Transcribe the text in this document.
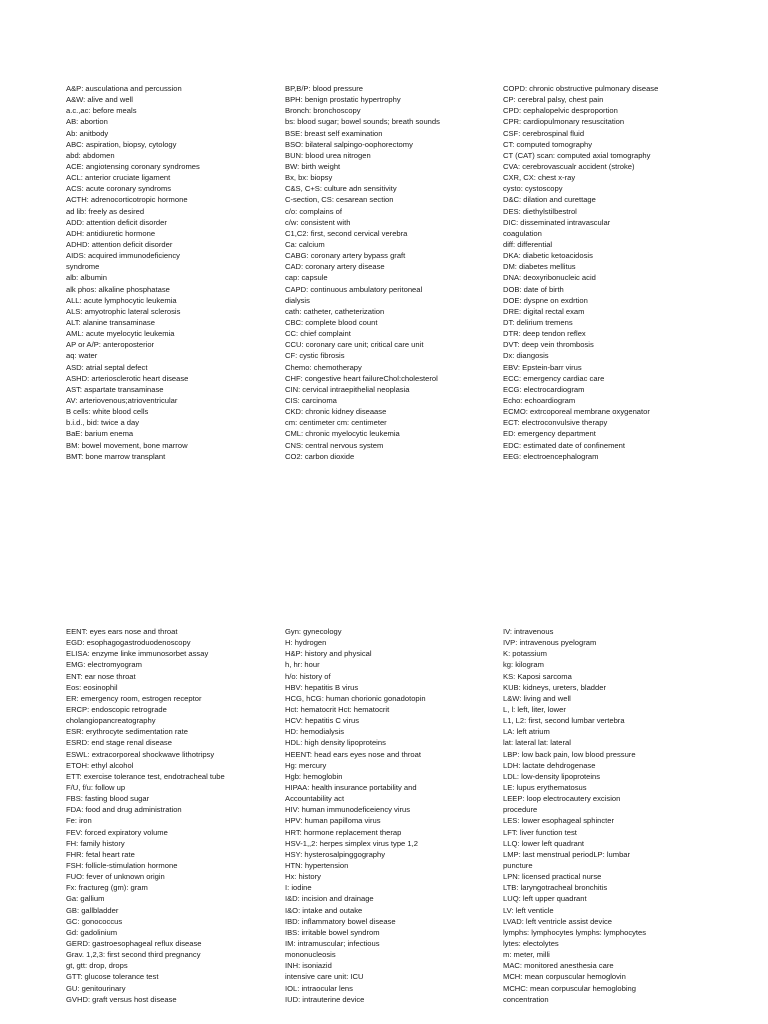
A&P: ausculationa and percussion
A&W: alive and well
a.c.,ac: before meals
AB: abortion
Ab: anitbody
ABC: aspiration, biopsy, cytology
abd: abdomen
ACE: angiotensing coronary syndromes
ACL: anterior cruciate ligament
ACS: acute coronary syndroms
ACTH: adrenocorticotropic hormone
ad lib: freely as desired
ADD: attention deficit disorder
ADH: antidiuretic hormone
ADHD: attention deficit disorder
AIDS: acquired immunodeficiency
syndrome
alb: albumin
alk phos: alkaline phosphatase
ALL: acute lymphocytic leukemia
ALS: amyotrophic lateral sclerosis
ALT: alanine transaminase
AML: acute myelocytic leukemia
AP or A/P: anteroposterior
aq: water
ASD: atrial septal defect
ASHD: arteriosclerotic heart disease
AST: aspartate transaminase
AV: arteriovenous;atrioventricular
B cells: white blood cells
b.i.d., bid: twice a day
BaE: barium enema
BM: bowel movement, bone marrow
BMT: bone marrow transplant
BP,B/P: blood pressure
BPH: benign prostatic hypertrophy
Bronch: bronchoscopy
bs: blood sugar; bowel sounds; breath sounds
BSE: breast self examination
BSO: bilateral salpingo-oophorectomy
BUN: blood urea nitrogen
BW: birth weight
Bx, bx: biopsy
C&S, C+S: culture adn sensitivity
C-section, CS: cesarean section
c/o: complains of
c/w: consistent with
C1,C2: first, second cervical verebra
Ca: calcium
CABG: coronary artery bypass graft
CAD: coronary artery disease
cap: capsule
CAPD: continuous ambulatory peritoneal
dialysis
cath: catheter, catheterization
CBC: complete blood count
CC: chief complaint
CCU: coronary care unit; critical care unit
CF: cystic fibrosis
Chemo: chemotherapy
CHF: congestive heart failureChol:cholesterol
CIN: cervical intraepithelial neoplasia
CIS: carcinoma
CKD: chronic kidney diseaase
cm: centimeter cm: centimeter
CML: chronic myelocytic leukemia
CNS: central nervous system
CO2: carbon dioxide
COPD: chronic obstructive pulmonary disease
CP: cerebral palsy, chest pain
CPD: cephalopelvic desproportion
CPR: cardiopulmonary resuscitation
CSF: cerebrospinal fluid
CT: computed tomography
CT (CAT) scan: computed axial tomography
CVA: cerebrovascualr accident (stroke)
CXR, CX: chest x-ray
cysto: cystoscopy
D&C: dilation and curettage
DES: diethylstilbestrol
DIC: disseminated intravascular
coagulation
diff: differential
DKA: diabetic ketoacidosis
DM: diabetes mellitus
DNA: deoxyribonucleic acid
DOB: date of birth
DOE: dyspne on exdrtion
DRE: digital rectal exam
DT: delirium tremens
DTR: deep tendon reflex
DVT: deep vein thrombosis
Dx: diangosis
EBV: Epstein-barr virus
ECC: emergency cardiac care
ECG: electrocardiogram
Echo: echoardiogram
ECMO: extrcoporeal membrane oxygenator
ECT: electroconvulsive therapy
ED: emergency department
EDC: estimated date of confinement
EEG: electroencephalogram
EENT: eyes ears nose and throat
EGD: esophagogastroduodenoscopy
ELISA: enzyme linke immunosorbet assay
EMG: electromyogram
ENT: ear nose throat
Eos: eosinophil
ER: emergency room, estrogen receptor
ERCP: endoscopic retrograde
cholangiopancreatography
ESR: erythrocyte sedimentation rate
ESRD: end stage renal disease
ESWL: extracorporeal shockwave lithotripsy
ETOH: ethyl alcohol
ETT: exercise tolerance test, endotracheal tube
F/U, f/u: follow up
FBS: fasting blood sugar
FDA: food and drug administration
Fe: iron
FEV: forced expiratory volume
FH: family history
FHR: fetal heart rate
FSH: follicle-stimulation hormone
FUO: fever of unknown origin
Fx: fractureg (gm): gram
Ga: gallium
GB: gallbladder
GC: gonococcus
Gd: gadolinium
GERD: gastroesophageal reflux disease
Grav. 1,2,3: first second third pregnancy
gt, gtt: drop, drops
GTT: glucose tolerance test
GU: genitourinary
GVHD: graft versus host disease
Gyn: gynecology
H: hydrogen
H&P: history and physical
h, hr: hour
h/o: history of
HBV: hepatitis B virus
HCG, hCG: human chorionic gonadotopin
Hct: hematocrit Hct: hematocrit
HCV: hepatitis C virus
HD: hemodialysis
HDL: high density lipoproteins
HEENT: head ears eyes nose and throat
Hg: mercury
Hgb: hemoglobin
HIPAA: health insurance portability and
Accountability act
HIV: human immunodeficeiency virus
HPV: human papilloma virus
HRT: hormone replacement therap
HSV-1,,2: herpes simplex virus type 1,2
HSY: hysterosalpinggography
HTN: hypertension
Hx: history
I: iodine
I&D: incision and drainage
I&O: intake and outake
IBD: inflammatory bowel disease
IBS: irritable bowel syndrom
IM: intramuscular; infectious
mononucleosis
INH: isoniazid
intensive care unit: ICU
IOL: intraocular lens
IUD: intrauterine device
IV: intravenous
IVP: intravenous pyelogram
K: potassium
kg: kilogram
KS: Kaposi sarcoma
KUB: kidneys, ureters, bladder
L&W: living and well
L, l: left, liter, lower
L1, L2: first, second lumbar vertebra
LA: left atrium
lat: lateral lat: lateral
LBP: low back pain, low blood pressure
LDH: lactate dehdrogenase
LDL: low-density lipoproteins
LE: lupus erythematosus
LEEP: loop electrocautery excision
procedure
LES: lower esophageal sphincter
LFT: liver function test
LLQ: lower left quadrant
LMP: last menstrual periodLP: lumbar
puncture
LPN: licensed practical nurse
LTB: laryngotracheal bronchitis
LUQ: left upper quadrant
LV: left venticle
LVAD: left ventricle assist device
lymphs: lymphocytes lymphs: lymphocytes
lytes: electolytes
m: meter, milli
MAC: monitored anesthesia care
MCH: mean corpuscular hemoglovin
MCHC: mean corpuscular hemoglobing
concentration
